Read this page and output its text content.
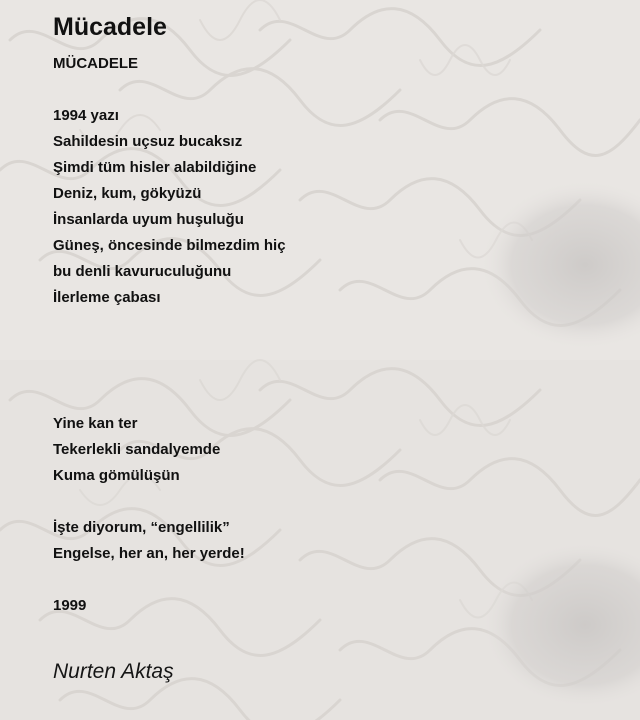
Mücadele

MÜCADELE

1994 yazı

Sahildesin uçsuz bucaksız

Şimdi tüm hisler alabildiğine

Deniz, kum, gökyüzü

İnsanlarda uyum huşuluğu

Güneş, öncesinde bilmezdim hiç

bu denli kavuruculuğunu

İlerleme çabası

Yine kan ter

Tekerlekli sandalyemde

Kuma gömülüşün

İşte diyorum, “engellilik”

Engelse, her an, her yerde!

1999

Nurten Aktaş
